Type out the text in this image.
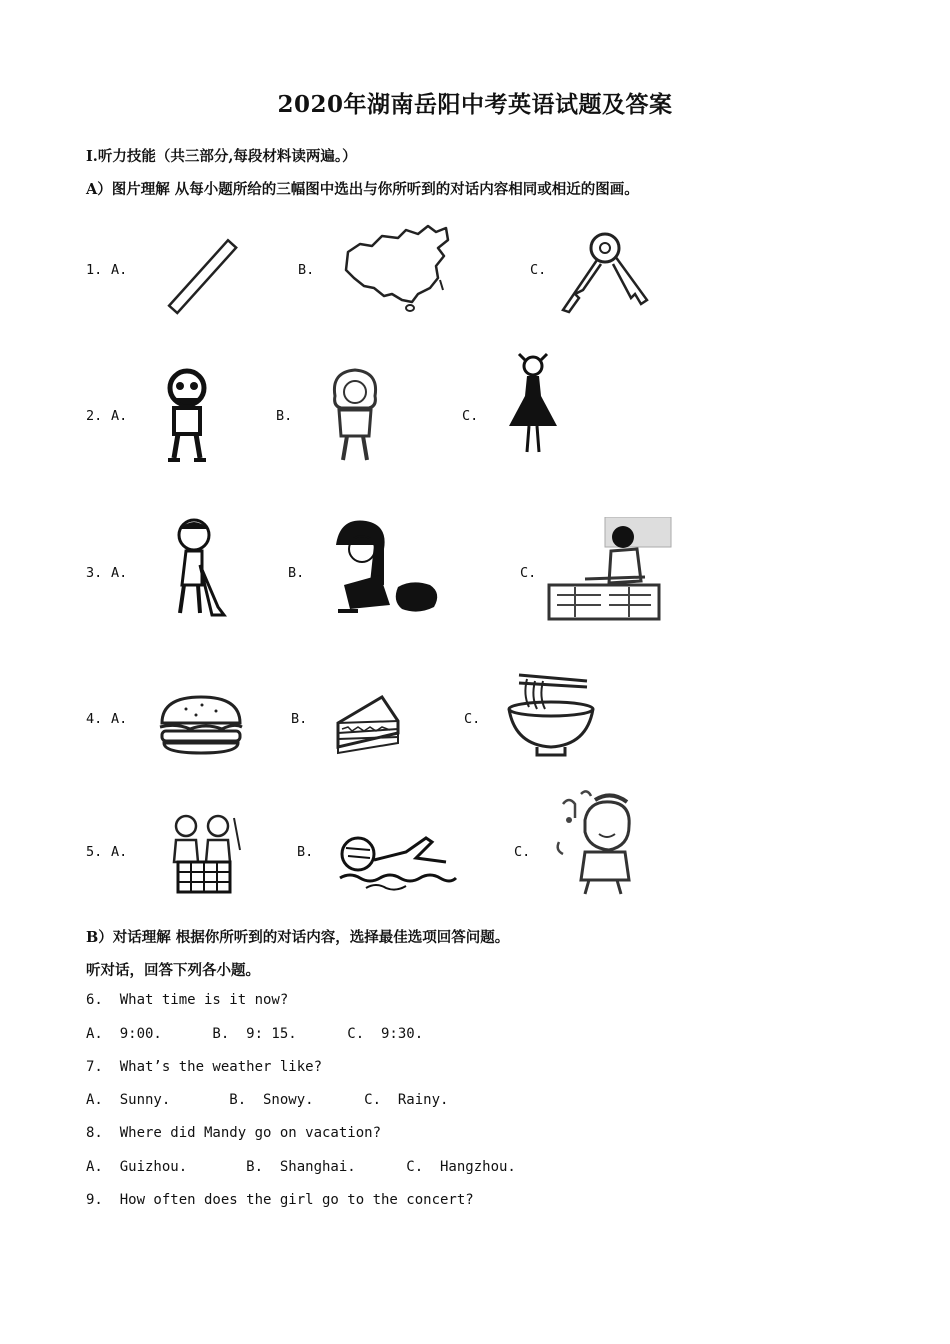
2020年湖南岳阳中考英语试题及答案
I.听力技能（共三部分,每段材料读两遍。）
A）图片理解 从每小题所给的三幅图中选出与你所听到的对话内容相同或相近的图画。
1. A.	B.	C.
2. A.	B.	C.
3. A.	B.	C.
4. A.	B.	C.
5. A.	B.	C.
B）对话理解 根据你所听到的对话内容，选择最佳选项回答问题。
听对话，回答下列各小题。
6.  What time is it now?
A.  9:00.      B.  9: 15.      C.  9:30.
7.  What’s the weather like?
A.  Sunny.       B.  Snowy.      C.  Rainy.
8.  Where did Mandy go on vacation?
A.  Guizhou.       B.  Shanghai.      C.  Hangzhou.
9.  How often does the girl go to the concert?
